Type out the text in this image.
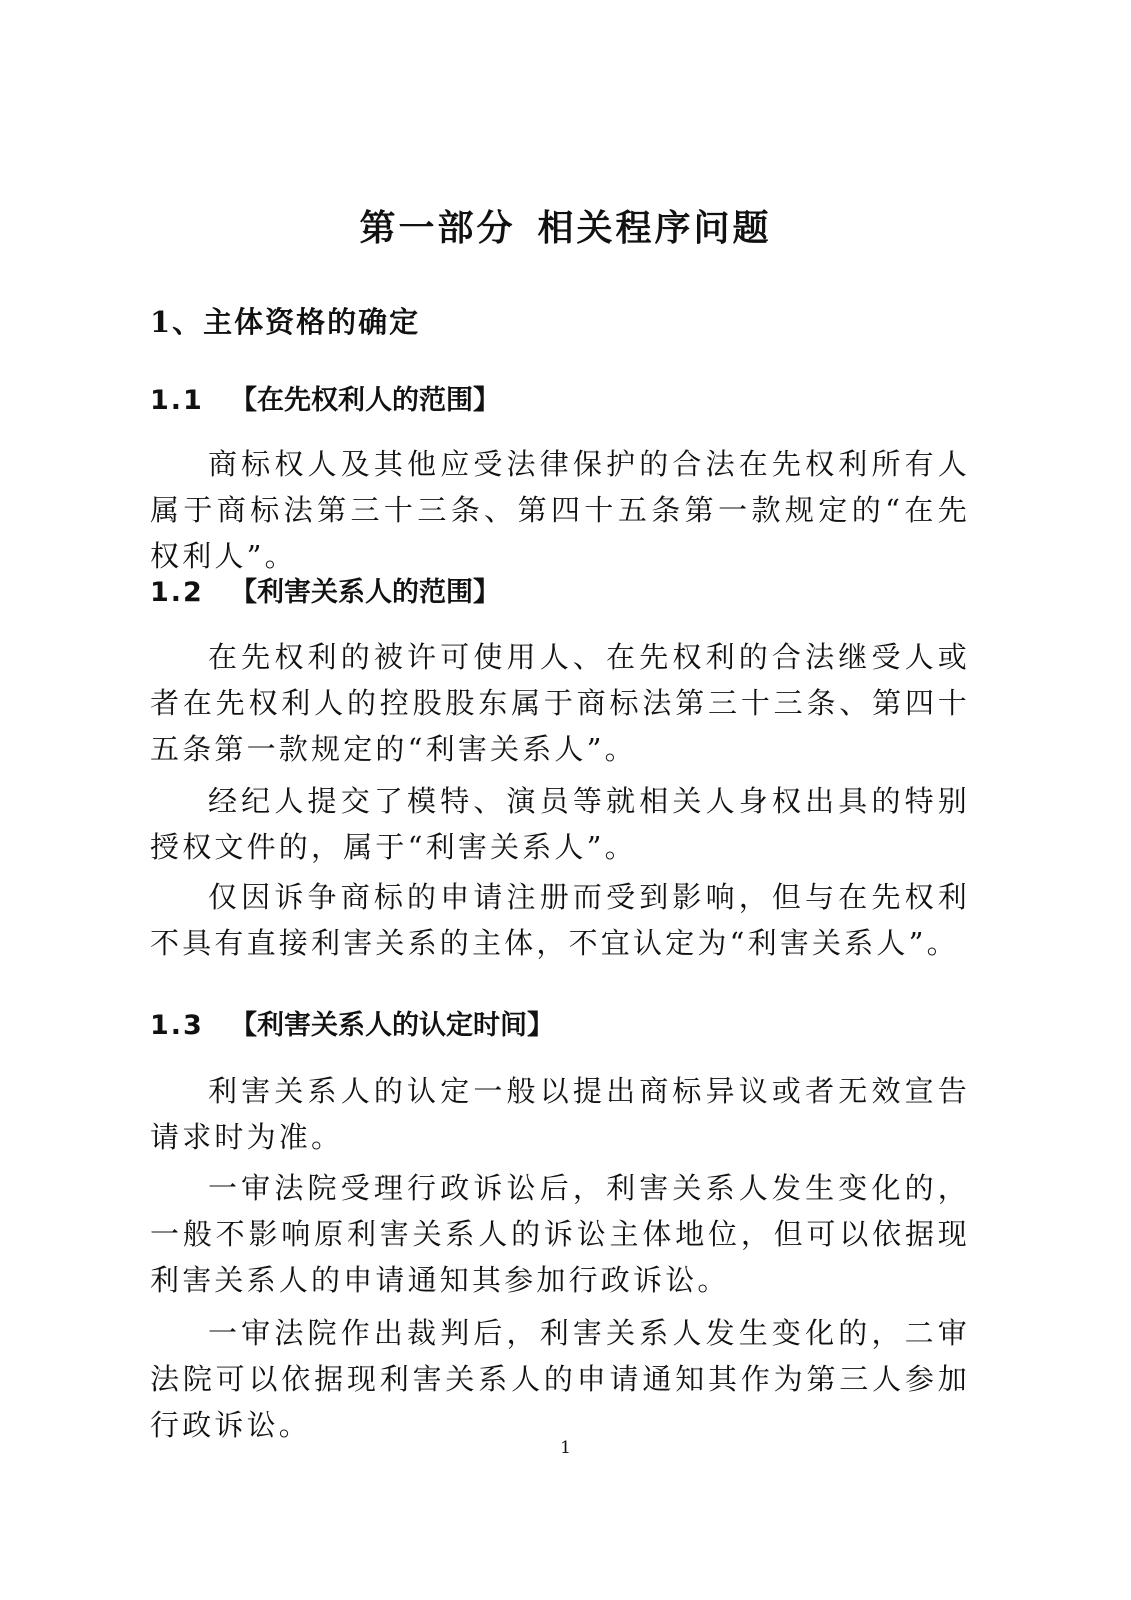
第一部分 相关程序问题
1、主体资格的确定
1.1 【在先权利人的范围】

商标权人及其他应受法律保护的合法在先权利所有人属于商标法第三十三条、第四十五条第一款规定的“在先权利人”。

1.2 【利害关系人的范围】

在先权利的被许可使用人、在先权利的合法继受人或者在先权利人的控股股东属于商标法第三十三条、第四十五条第一款规定的“利害关系人”。

经纪人提交了模特、演员等就相关人身权出具的特别授权文件的，属于“利害关系人”。

仅因诉争商标的申请注册而受到影响，但与在先权利不具有直接利害关系的主体，不宜认定为“利害关系人”。

1.3 【利害关系人的认定时间】

利害关系人的认定一般以提出商标异议或者无效宣告请求时为准。

一审法院受理行政诉讼后，利害关系人发生变化的，一般不影响原利害关系人的诉讼主体地位，但可以依据现利害关系人的申请通知其参加行政诉讼。

一审法院作出裁判后，利害关系人发生变化的，二审法院可以依据现利害关系人的申请通知其作为第三人参加行政诉讼。

1
